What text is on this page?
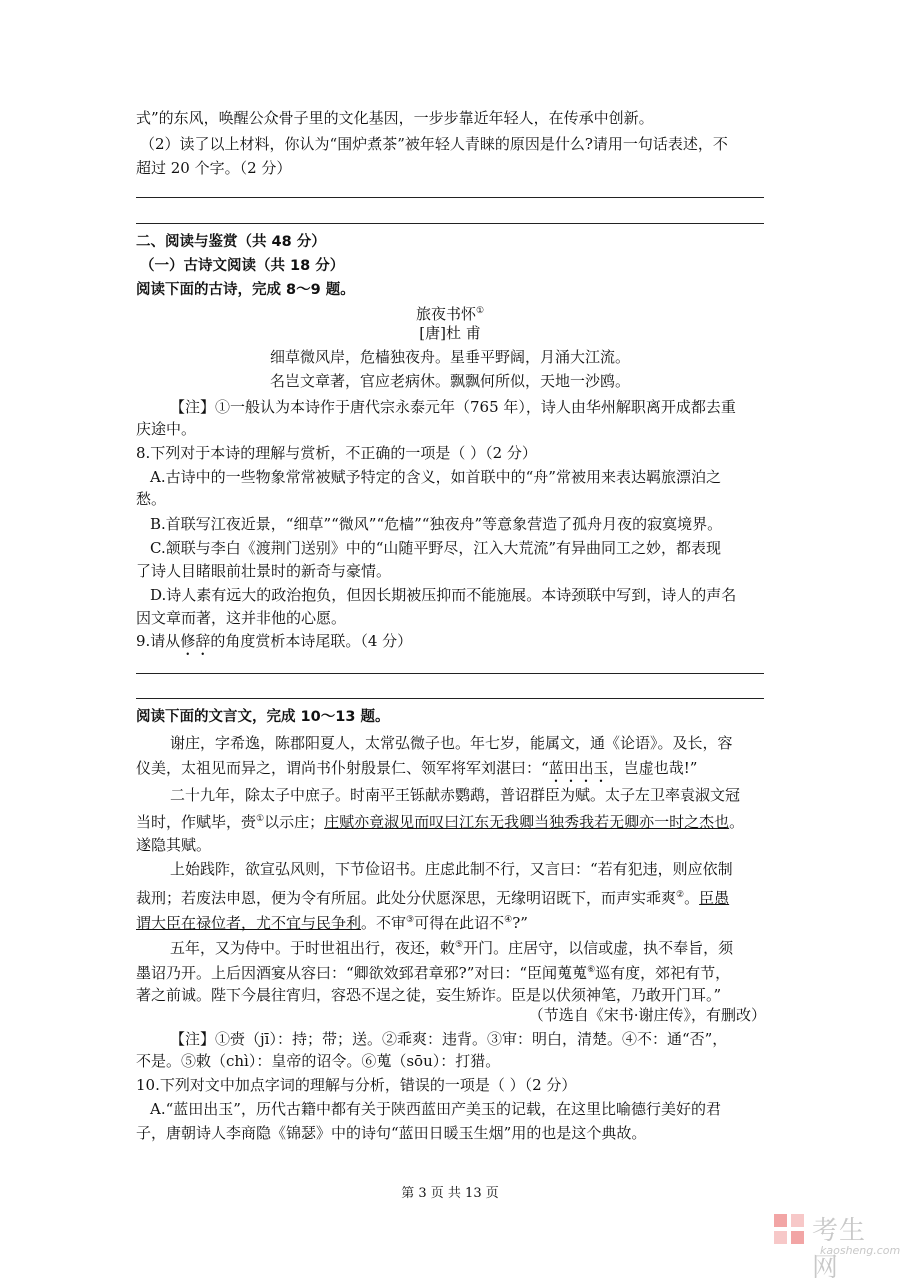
式”的东风，唤醒公众骨子里的文化基因，一步步靠近年轻人，在传承中创新。
（2）读了以上材料，你认为“围炉煮茶”被年轻人青睐的原因是什么?请用一句话表述，不
超过 20 个字。（2 分）
二、阅读与鉴赏（共 48 分）
（一）古诗文阅读（共 18 分）
阅读下面的古诗，完成 8～9 题。
旅夜书怀①
[唐]杜 甫
细草微风岸，危樯独夜舟。星垂平野阔，月涌大江流。
名岂文章著，官应老病休。飘飘何所似，天地一沙鸥。
【注】①一般认为本诗作于唐代宗永泰元年（765 年），诗人由华州解职离开成都去重
庆途中。
8.下列对于本诗的理解与赏析，不正确的一项是（ ）（2 分）
A.古诗中的一些物象常常被赋予特定的含义，如首联中的“舟”常被用来表达羁旅漂泊之
愁。
B.首联写江夜近景，“细草”“微风”“危樯”“独夜舟”等意象营造了孤舟月夜的寂寞境界。
C.颔联与李白《渡荆门送别》中的“山随平野尽，江入大荒流”有异曲同工之妙，都表现
了诗人目睹眼前壮景时的新奇与豪情。
D.诗人素有远大的政治抱负，但因长期被压抑而不能施展。本诗颈联中写到，诗人的声名
因文章而著，这并非他的心愿。
9.请从修辞的角度赏析本诗尾联。（4 分）
阅读下面的文言文，完成 10～13 题。
谢庄，字希逸，陈郡阳夏人，太常弘微子也。年七岁，能属文，通《论语》。及长，容
仪美，太祖见而异之，谓尚书仆射殷景仁、领军将军刘湛曰：“蓝田出玉，岂虚也哉!”
二十九年，除太子中庶子。时南平王铄献赤鹦鹉，普诏群臣为赋。太子左卫率袁淑文冠
当时，作赋毕，赍①以示庄；庄赋亦竟淑见而叹曰江东无我卿当独秀我若无卿亦一时之杰也。
遂隐其赋。
上始践阼，欲宣弘风则，下节俭诏书。庄虑此制不行，又言曰：“若有犯违，则应依制
裁刑；若废法申恩，便为令有所屈。此处分伏愿深思，无缘明诏既下，而声实乖爽②。臣愚
谓大臣在禄位者，尤不宜与民争利。不审③可得在此诏不④?”
五年，又为侍中。于时世祖出行，夜还，敕⑤开门。庄居守，以信或虚，执不奉旨，须
墨诏乃开。上后因酒宴从容曰：“卿欲效郅君章邪?”对曰：“臣闻蒐蒐⑥巡有度，郊祀有节，
著之前诚。陛下今晨往宵归，容恐不逞之徒，妄生矫诈。臣是以伏须神笔，乃敢开门耳。”
（节选自《宋书·谢庄传》，有删改）
【注】①赍（jī）：持；带；送。②乖爽：违背。③审：明白，清楚。④不：通“否”，
不是。⑤敕（chì）：皇帝的诏令。⑥蒐（sōu）：打猎。
10.下列对文中加点字词的理解与分析，错误的一项是（ ）（2 分）
A.“蓝田出玉”，历代古籍中都有关于陕西蓝田产美玉的记载，在这里比喻德行美好的君
子，唐朝诗人李商隐《锦瑟》中的诗句“蓝田日暖玉生烟”用的也是这个典故。
第 3 页 共 13 页
考生网
kaosheng.com
